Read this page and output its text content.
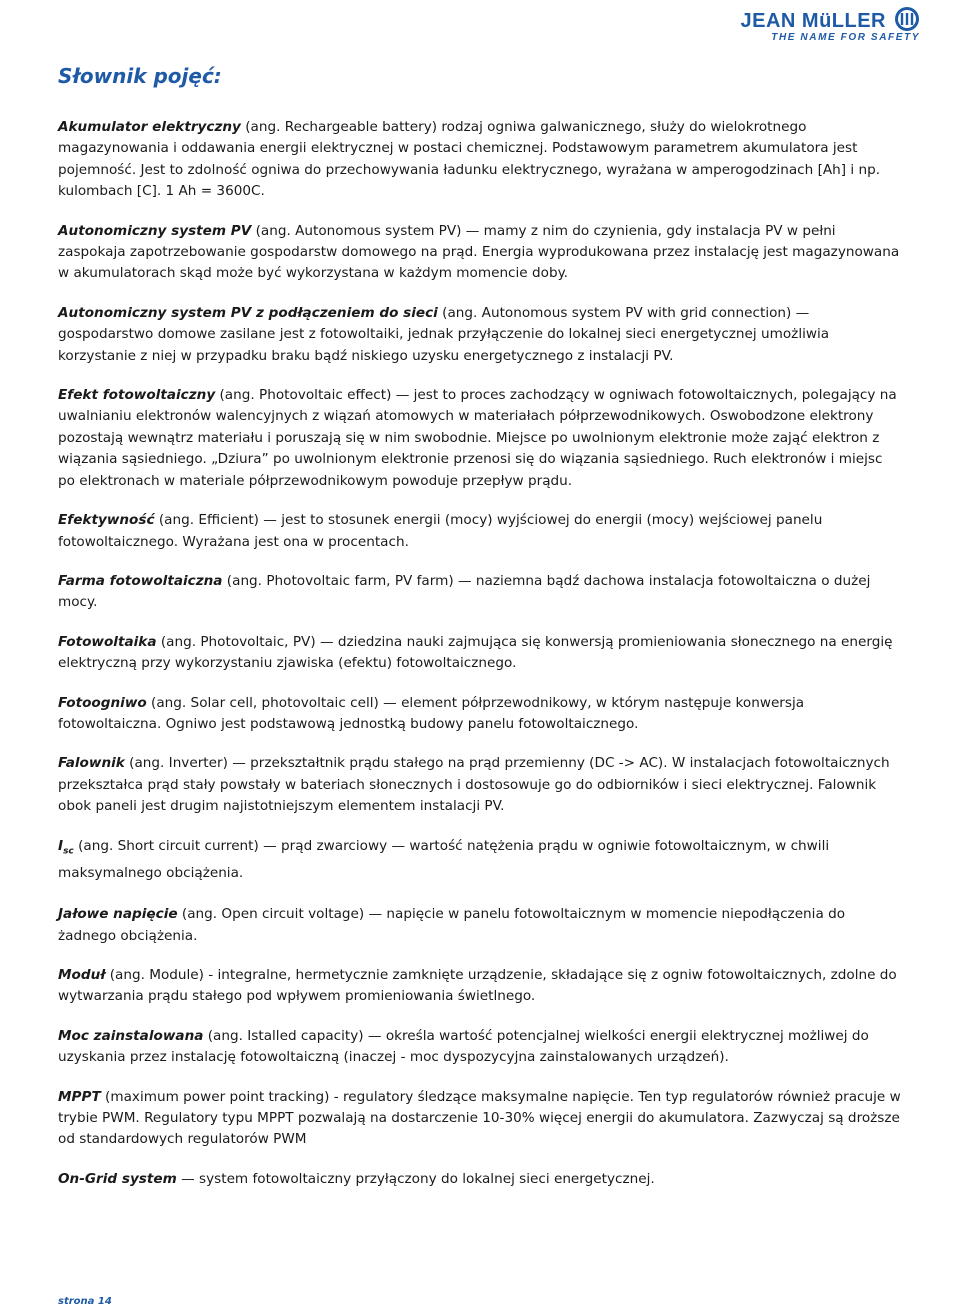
JEAN MüLLER
THE NAME FOR SAFETY
Słownik pojęć:

Akumulator elektryczny (ang. Rechargeable battery) rodzaj ogniwa galwanicznego, służy do wielokrotnego magazynowania i oddawania energii elektrycznej w postaci chemicznej. Podstawowym parametrem akumulatora jest pojemność. Jest to zdolność ogniwa do przechowywania ładunku elektrycznego, wyrażana w amperogodzinach [Ah] i np. kulombach [C]. 1 Ah = 3600C.

Autonomiczny system PV (ang. Autonomous system PV) — mamy z nim do czynienia, gdy instalacja PV w pełni zaspokaja zapotrzebowanie gospodarstw domowego na prąd. Energia wyprodukowana przez instalację jest magazynowana w akumulatorach skąd może być wykorzystana w każdym momencie doby.

Autonomiczny system PV z podłączeniem do sieci (ang. Autonomous system PV with grid connection) — gospodarstwo domowe zasilane jest z fotowoltaiki, jednak przyłączenie do lokalnej sieci energetycznej umożliwia korzystanie z niej w przypadku braku bądź niskiego uzysku energetycznego z instalacji PV.

Efekt fotowoltaiczny (ang. Photovoltaic effect) — jest to proces zachodzący w ogniwach fotowoltaicznych, polegający na uwalnianiu elektronów walencyjnych z wiązań atomowych w materiałach półprzewodnikowych. Oswobodzone elektrony pozostają wewnątrz materiału i poruszają się w nim swobodnie. Miejsce po uwolnionym elektronie może zająć elektron z wiązania sąsiedniego. „Dziura” po uwolnionym elektronie przenosi się do wiązania sąsiedniego. Ruch elektronów i miejsc po elektronach w materiale półprzewodnikowym powoduje przepływ prądu.

Efektywność (ang. Efficient) — jest to stosunek energii (mocy) wyjściowej do energii (mocy) wejściowej panelu fotowoltaicznego. Wyrażana jest ona w procentach.

Farma fotowoltaiczna (ang. Photovoltaic farm, PV farm) — naziemna bądź dachowa instalacja fotowoltaiczna o dużej mocy.

Fotowoltaika (ang. Photovoltaic, PV) — dziedzina nauki zajmująca się konwersją promieniowania słonecznego na energię elektryczną przy wykorzystaniu zjawiska (efektu) fotowoltaicznego.

Fotoogniwo (ang. Solar cell, photovoltaic cell) — element półprzewodnikowy, w którym następuje konwersja fotowoltaiczna. Ogniwo jest podstawową jednostką budowy panelu fotowoltaicznego.

Falownik (ang. Inverter) — przekształtnik prądu stałego na prąd przemienny (DC -> AC). W instalacjach fotowoltaicznych przekształca prąd stały powstały w bateriach słonecznych i dostosowuje go do odbiorników i sieci elektrycznej. Falownik obok paneli jest drugim najistotniejszym elementem instalacji PV.

$I_{sc}$ (ang. Short circuit current) — prąd zwarciowy — wartość natężenia prądu w ogniwie fotowoltaicznym, w chwili maksymalnego obciążenia.

Jałowe napięcie (ang. Open circuit voltage) — napięcie w panelu fotowoltaicznym w momencie niepodłączenia do żadnego obciążenia.

Moduł (ang. Module) - integralne, hermetycznie zamknięte urządzenie, składające się z ogniw fotowoltaicznych, zdolne do wytwarzania prądu stałego pod wpływem promieniowania świetlnego.

Moc zainstalowana (ang. Istalled capacity) — określa wartość potencjalnej wielkości energii elektrycznej możliwej do uzyskania przez instalację fotowoltaiczną (inaczej - moc dyspozycyjna zainstalowanych urządzeń).

MPPT (maximum power point tracking) - regulatory śledzące maksymalne napięcie. Ten typ regulatorów również pracuje w trybie PWM. Regulatory typu MPPT pozwalają na dostarczenie 10-30% więcej energii do akumulatora. Zazwyczaj są droższe od standardowych regulatorów PWM

On-Grid system — system fotowoltaiczny przyłączony do lokalnej sieci energetycznej.

strona 14
